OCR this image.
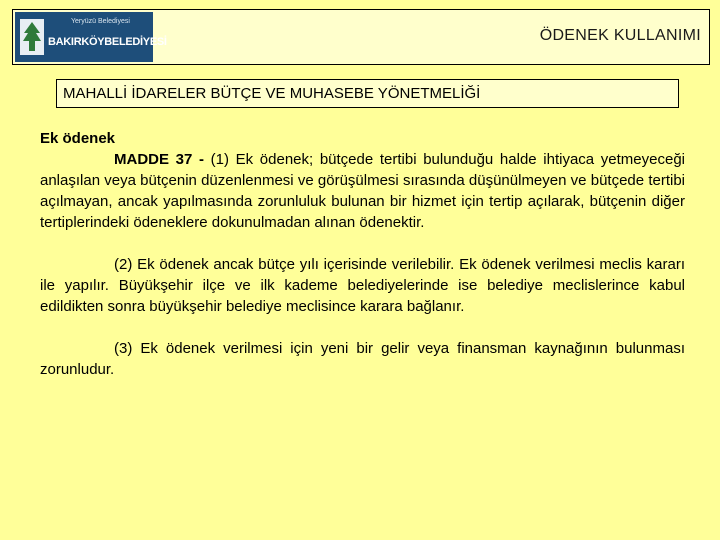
Yeryüzü Belediyesi
BAKIRKÖYBELEDİYESİ	ÖDENEK KULLANIMI
MAHALLİ İDARELER BÜTÇE VE MUHASEBE YÖNETMELİĞİ
Ek ödenek

MADDE 37 - (1) Ek ödenek; bütçede tertibi bulunduğu halde ihtiyaca yetmeyeceği anlaşılan veya bütçenin düzenlenmesi ve görüşülmesi sırasında düşünülmeyen ve bütçede tertibi açılmayan, ancak yapılmasında zorunluluk bulunan bir hizmet için tertip açılarak, bütçenin diğer tertiplerindeki ödeneklere dokunulmadan alınan ödenektir.

(2) Ek ödenek ancak bütçe yılı içerisinde verilebilir. Ek ödenek verilmesi meclis kararı ile yapılır. Büyükşehir ilçe ve ilk kademe belediyelerinde ise belediye meclislerince kabul edildikten sonra büyükşehir belediye meclisince karara bağlanır.

(3) Ek ödenek verilmesi için yeni bir gelir veya finansman kaynağının bulunması zorunludur.
